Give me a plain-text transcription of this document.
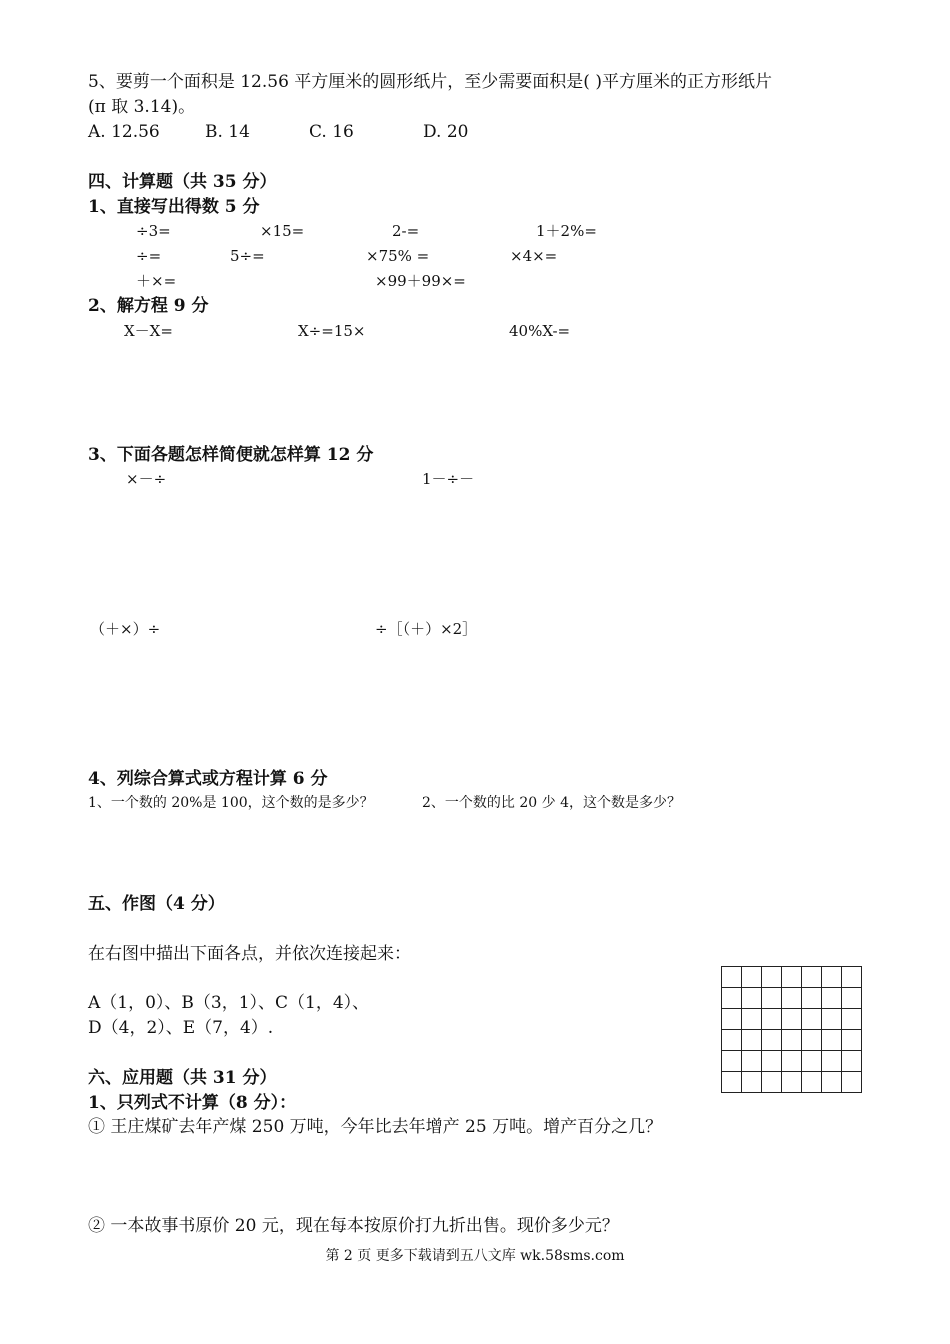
5、要剪一个面积是 12.56 平方厘米的圆形纸片，至少需要面积是( )平方厘米的正方形纸片
(π 取 3.14)。
A. 12.56	B. 14	C. 16	D. 20
四、计算题（共 35 分）
1、直接写出得数 5 分
÷3=	×15=	2-=	1＋2%=
÷=	5÷=	×75% =	×4×=
＋×=	×99＋99×=
2、解方程 9 分
X－X=	X÷=15×	40%X-=
3、下面各题怎样简便就怎样算 12 分
×－÷	1－÷－
（＋×）÷	÷［（＋）×2］
4、列综合算式或方程计算 6 分
1、一个数的 20%是 100，这个数的是多少？	2、一个数的比 20 少 4，这个数是多少？
五、作图（4 分）
在右图中描出下面各点，并依次连接起来：
A（1，0）、B（3，1）、C（1，4）、
D（4，2）、E（7，4）.

六、应用题（共 31 分）
1、只列式不计算（8 分）：
① 王庄煤矿去年产煤 250 万吨，今年比去年增产 25 万吨。增产百分之几？
② 一本故事书原价 20 元，现在每本按原价打九折出售。现价多少元？
第 2 页 更多下载请到五八文库 wk.58sms.com
